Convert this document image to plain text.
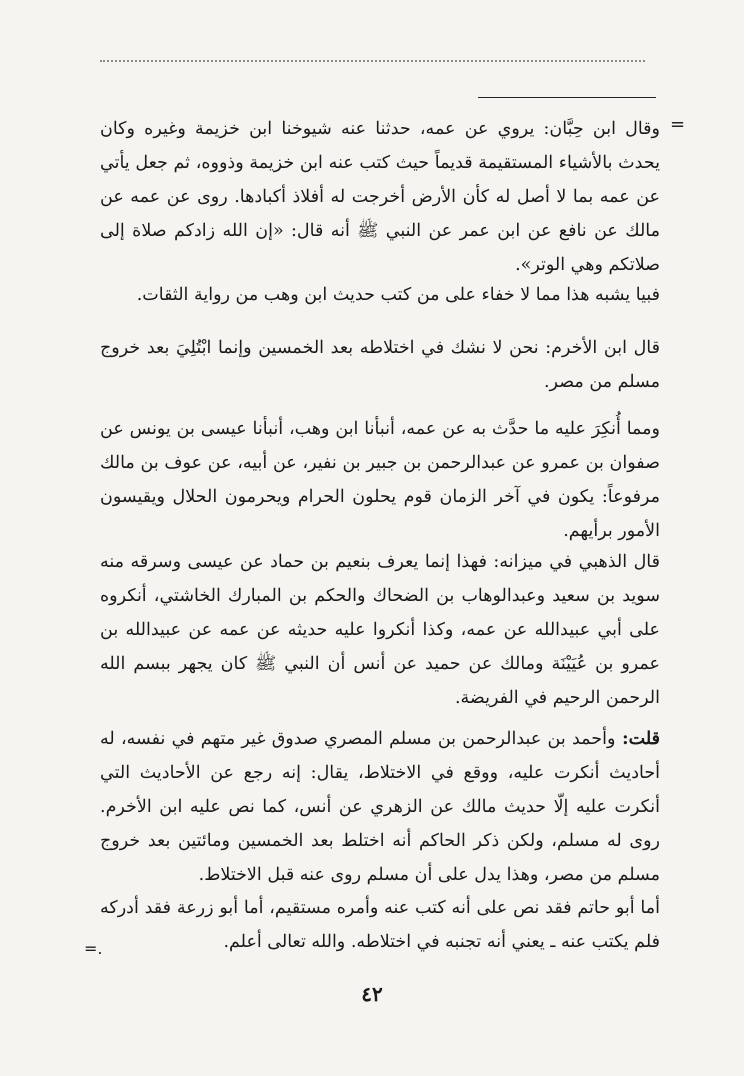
=
=.
وقال ابن حِبَّان: يروي عن عمه، حدثنا عنه شيوخنا ابن خزيمة وغيره وكان يحدث بالأشياء المستقيمة قديماً حيث كتب عنه ابن خزيمة وذووه، ثم جعل يأتي عن عمه بما لا أصل له كأن الأرض أخرجت له أفلاذ أكبادها. روى عن عمه عن مالك عن نافع عن ابن عمر عن النبي ﷺ أنه قال: «إن الله زادكم صلاة إلى صلاتكم وهي الوتر».
فبيا يشبه هذا مما لا خفاء على من كتب حديث ابن وهب من رواية الثقات.
قال ابن الأخرم: نحن لا نشك في اختلاطه بعد الخمسين وإنما ابْتُلِيَ بعد خروج مسلم من مصر.
ومما أُنكِرَ عليه ما حدَّث به عن عمه، أنبأنا ابن وهب، أنبأنا عيسى بن يونس عن صفوان بن عمرو عن عبدالرحمن بن جبير بن نفير، عن أبيه، عن عوف بن مالك مرفوعاً: يكون في آخر الزمان قوم يحلون الحرام ويحرمون الحلال ويقيسون الأمور برأيهم.
قال الذهبي في ميزانه: فهذا إنما يعرف بنعيم بن حماد عن عيسى وسرقه منه سويد بن سعيد وعبدالوهاب بن الضحاك والحكم بن المبارك الخاشتي، أنكروه على أبي عبيدالله عن عمه، وكذا أنكروا عليه حديثه عن عمه عن عبيدالله بن عمرو بن عُيَيْنَة ومالك عن حميد عن أنس أن النبي ﷺ كان يجهر ببسم الله الرحمن الرحيم في الفريضة.
قلت: وأحمد بن عبدالرحمن بن مسلم المصري صدوق غير متهم في نفسه، له أحاديث أنكرت عليه، ووقع في الاختلاط، يقال: إنه رجع عن الأحاديث التي أنكرت عليه إلّا حديث مالك عن الزهري عن أنس، كما نص عليه ابن الأخرم. روى له مسلم، ولكن ذكر الحاكم أنه اختلط بعد الخمسين ومائتين بعد خروج مسلم من مصر، وهذا يدل على أن مسلم روى عنه قبل الاختلاط.
أما أبو حاتم فقد نص على أنه كتب عنه وأمره مستقيم، أما أبو زرعة فقد أدركه فلم يكتب عنه ـ يعني أنه تجنبه في اختلاطه. والله تعالى أعلم.
٤٢
